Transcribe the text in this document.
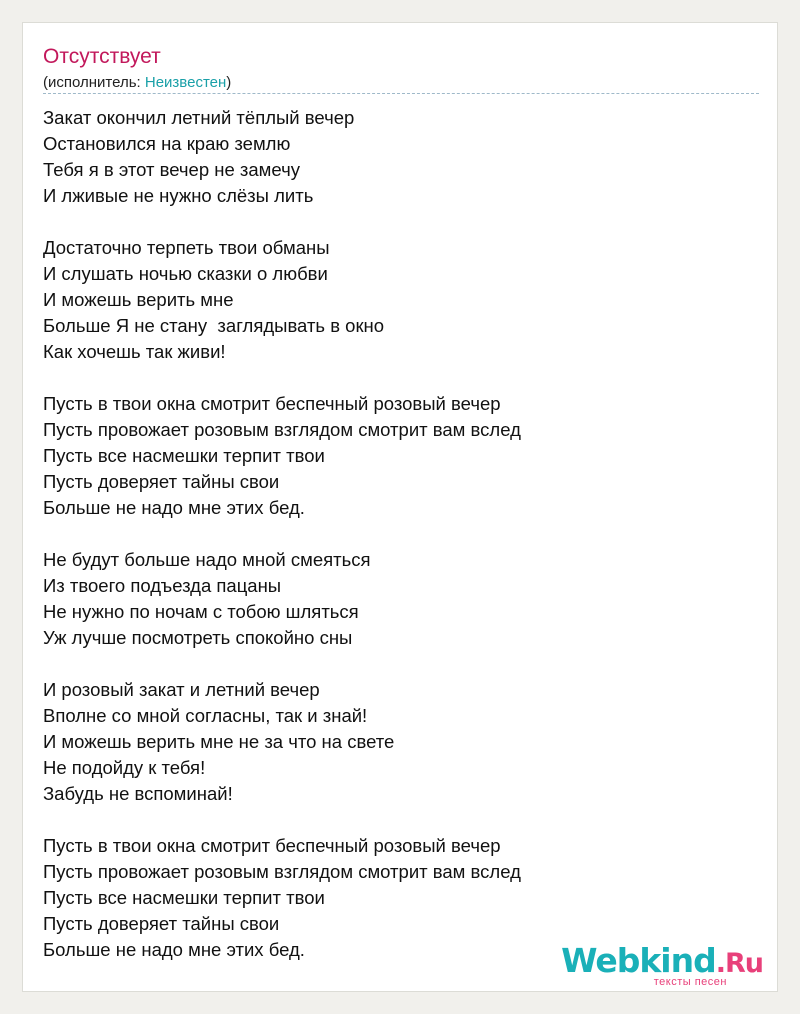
Отсутствует
(исполнитель: Неизвестен)
Закат окончил летний тёплый вечер
Остановился на краю землю
Тебя я в этот вечер не замечу
И лживые не нужно слёзы лить
Достаточно терпеть твои обманы
И слушать ночью сказки о любви
И можешь верить мне
Больше Я не стану  заглядывать в окно
Как хочешь так живи!
Пусть в твои окна смотрит беспечный розовый вечер
Пусть провожает розовым взглядом смотрит вам вслед
Пусть все насмешки терпит твои
Пусть доверяет тайны свои
Больше не надо мне этих бед.
Не будут больше надо мной смеяться
Из твоего подъезда пацаны
Не нужно по ночам с тобою шляться
Уж лучше посмотреть спокойно сны
И розовый закат и летний вечер
Вполне со мной согласны, так и знай!
И можешь верить мне не за что на свете
Не подойду к тебя!
Забудь не вспоминай!
Пусть в твои окна смотрит беспечный розовый вечер
Пусть провожает розовым взглядом смотрит вам вслед
Пусть все насмешки терпит твои
Пусть доверяет тайны свои
Больше не надо мне этих бед.	Webkind.Ru
тексты песен
